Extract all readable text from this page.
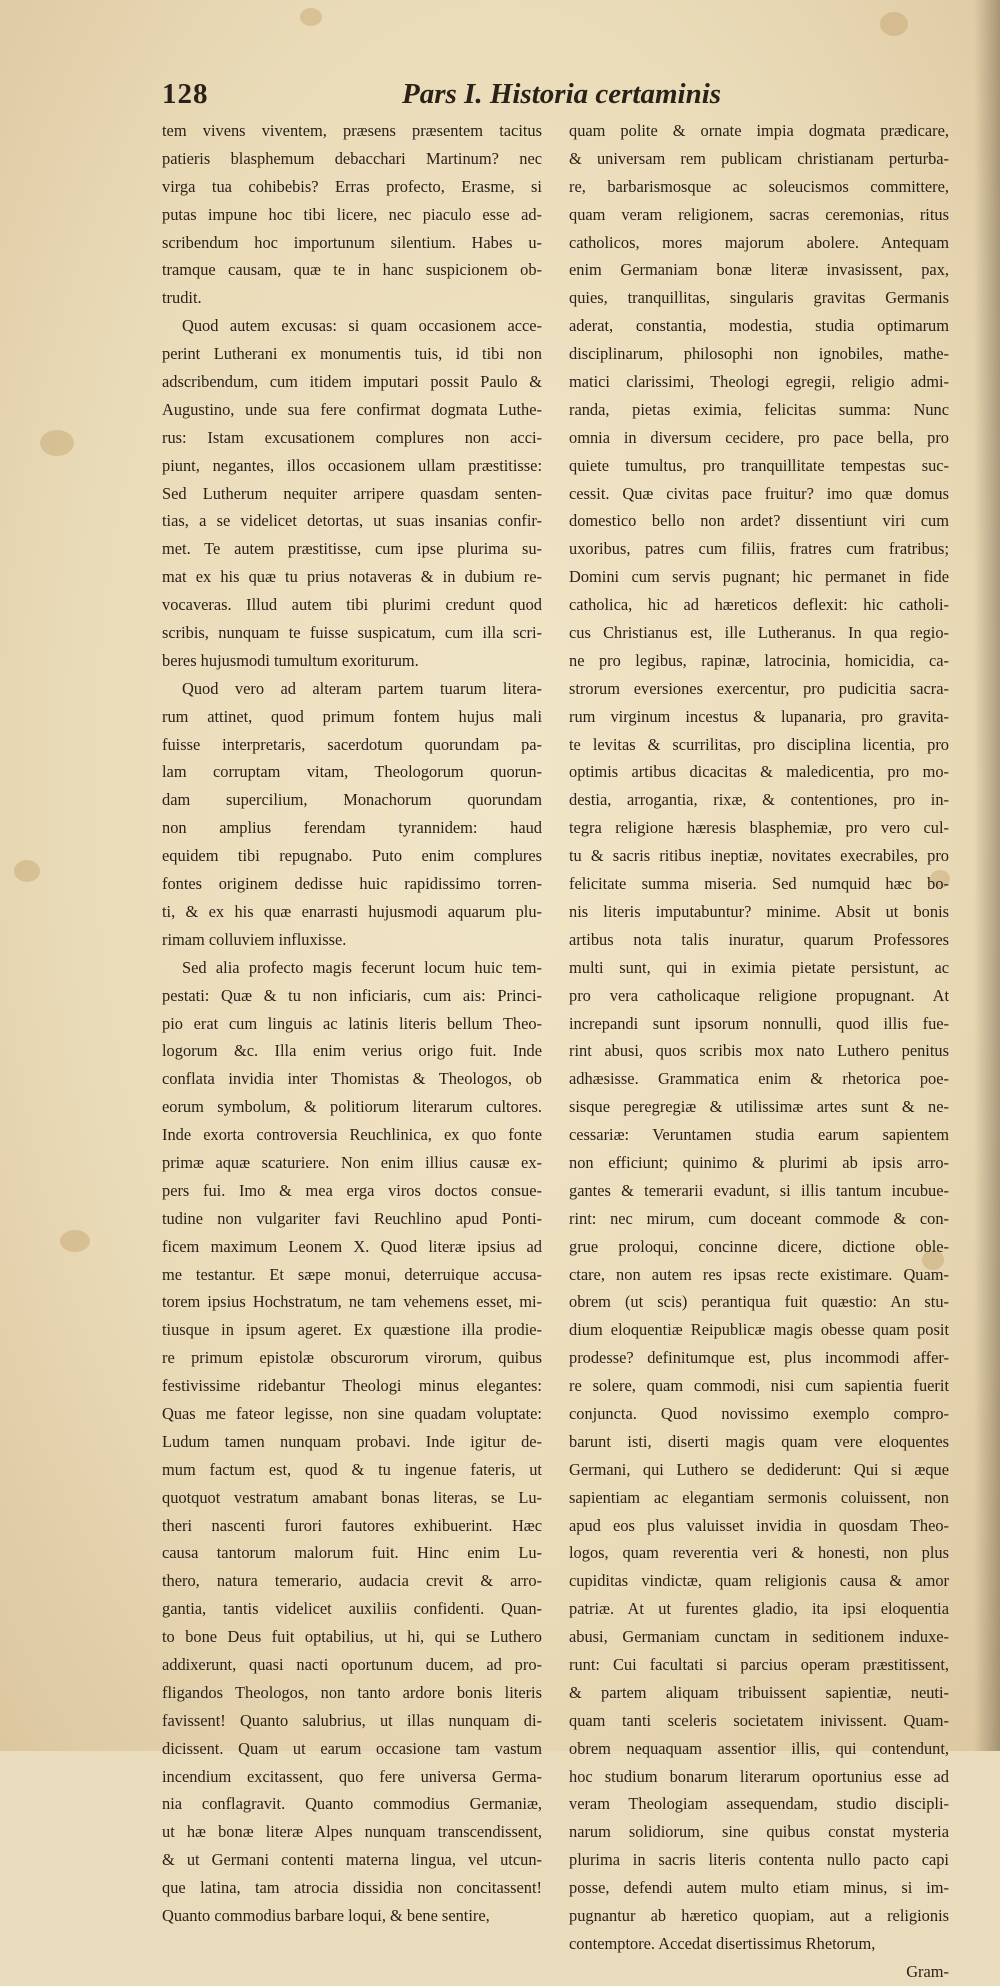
128	Pars I. Historia certaminis
tem vivens viventem, præsens præsentem tacitus
patieris blasphemum debacchari Martinum? nec
virga tua cohibebis? Erras profecto, Erasme, si
putas impune hoc tibi licere, nec piaculo esse ad-
scribendum hoc importunum silentium. Habes u-
tramque causam, quæ te in hanc suspicionem ob-
trudit.
Quod autem excusas: si quam occasionem acce-
perint Lutherani ex monumentis tuis, id tibi non
adscribendum, cum itidem imputari possit Paulo &
Augustino, unde sua fere confirmat dogmata Luthe-
rus: Istam excusationem complures non acci-
piunt, negantes, illos occasionem ullam præstitisse:
Sed Lutherum nequiter arripere quasdam senten-
tias, a se videlicet detortas, ut suas insanias confir-
met. Te autem præstitisse, cum ipse plurima su-
mat ex his quæ tu prius notaveras & in dubium re-
vocaveras. Illud autem tibi plurimi credunt quod
scribis, nunquam te fuisse suspicatum, cum illa scri-
beres hujusmodi tumultum exoriturum.
Quod vero ad alteram partem tuarum litera-
rum attinet, quod primum fontem hujus mali
fuisse interpretaris, sacerdotum quorundam pa-
lam corruptam vitam, Theologorum quorun-
dam supercilium, Monachorum quorundam
non amplius ferendam tyrannidem: haud
equidem tibi repugnabo. Puto enim complures
fontes originem dedisse huic rapidissimo torren-
ti, & ex his quæ enarrasti hujusmodi aquarum plu-
rimam colluviem influxisse.
Sed alia profecto magis fecerunt locum huic tem-
pestati: Quæ & tu non inficiaris, cum ais: Princi-
pio erat cum linguis ac latinis literis bellum Theo-
logorum &c. Illa enim verius origo fuit. Inde
conflata invidia inter Thomistas & Theologos, ob
eorum symbolum, & politiorum literarum cultores.
Inde exorta controversia Reuchlinica, ex quo fonte
primæ aquæ scaturiere. Non enim illius causæ ex-
pers fui. Imo & mea erga viros doctos consue-
tudine non vulgariter favi Reuchlino apud Ponti-
ficem maximum Leonem X. Quod literæ ipsius ad
me testantur. Et sæpe monui, deterruique accusa-
torem ipsius Hochstratum, ne tam vehemens esset, mi-
tiusque in ipsum ageret. Ex quæstione illa prodie-
re primum epistolæ obscurorum virorum, quibus
festivissime ridebantur Theologi minus elegantes:
Quas me fateor legisse, non sine quadam voluptate:
Ludum tamen nunquam probavi. Inde igitur de-
mum factum est, quod & tu ingenue fateris, ut
quotquot vestratum amabant bonas literas, se Lu-
theri nascenti furori fautores exhibuerint. Hæc
causa tantorum malorum fuit. Hinc enim Lu-
thero, natura temerario, audacia crevit & arro-
gantia, tantis videlicet auxiliis confidenti. Quan-
to bone Deus fuit optabilius, ut hi, qui se Luthero
addixerunt, quasi nacti oportunum ducem, ad pro-
fligandos Theologos, non tanto ardore bonis literis
favissent! Quanto salubrius, ut illas nunquam di-
dicissent. Quam ut earum occasione tam vastum
incendium excitassent, quo fere universa Germa-
nia conflagravit. Quanto commodius Germaniæ,
ut hæ bonæ literæ Alpes nunquam transcendissent,
& ut Germani contenti materna lingua, vel utcun-
que latina, tam atrocia dissidia non concitassent!
Quanto commodius barbare loqui, & bene sentire,
quam polite & ornate impia dogmata prædicare,
& universam rem publicam christianam perturba-
re, barbarismosque ac soleucismos committere,
quam veram religionem, sacras ceremonias, ritus
catholicos, mores majorum abolere. Antequam
enim Germaniam bonæ literæ invasissent, pax,
quies, tranquillitas, singularis gravitas Germanis
aderat, constantia, modestia, studia optimarum
disciplinarum, philosophi non ignobiles, mathe-
matici clarissimi, Theologi egregii, religio admi-
randa, pietas eximia, felicitas summa: Nunc
omnia in diversum cecidere, pro pace bella, pro
quiete tumultus, pro tranquillitate tempestas suc-
cessit. Quæ civitas pace fruitur? imo quæ domus
domestico bello non ardet? dissentiunt viri cum
uxoribus, patres cum filiis, fratres cum fratribus;
Domini cum servis pugnant; hic permanet in fide
catholica, hic ad hæreticos deflexit: hic catholi-
cus Christianus est, ille Lutheranus. In qua regio-
ne pro legibus, rapinæ, latrocinia, homicidia, ca-
strorum eversiones exercentur, pro pudicitia sacra-
rum virginum incestus & lupanaria, pro gravita-
te levitas & scurrilitas, pro disciplina licentia, pro
optimis artibus dicacitas & maledicentia, pro mo-
destia, arrogantia, rixæ, & contentiones, pro in-
tegra religione hæresis blasphemiæ, pro vero cul-
tu & sacris ritibus ineptiæ, novitates execrabiles, pro
felicitate summa miseria. Sed numquid hæc bo-
nis literis imputabuntur? minime. Absit ut bonis
artibus nota talis inuratur, quarum Professores
multi sunt, qui in eximia pietate persistunt, ac
pro vera catholicaque religione propugnant. At
increpandi sunt ipsorum nonnulli, quod illis fue-
rint abusi, quos scribis mox nato Luthero penitus
adhæsisse. Grammatica enim & rhetorica poe-
sisque peregregiæ & utilissimæ artes sunt & ne-
cessariæ: Veruntamen studia earum sapientem
non efficiunt; quinimo & plurimi ab ipsis arro-
gantes & temerarii evadunt, si illis tantum incubue-
rint: nec mirum, cum doceant commode & con-
grue proloqui, concinne dicere, dictione oble-
ctare, non autem res ipsas recte existimare. Quam-
obrem (ut scis) perantiqua fuit quæstio: An stu-
dium eloquentiæ Reipublicæ magis obesse quam posit
prodesse? definitumque est, plus incommodi affer-
re solere, quam commodi, nisi cum sapientia fuerit
conjuncta. Quod novissimo exemplo compro-
barunt isti, diserti magis quam vere eloquentes
Germani, qui Luthero se dediderunt: Qui si æque
sapientiam ac elegantiam sermonis coluissent, non
apud eos plus valuisset invidia in quosdam Theo-
logos, quam reverentia veri & honesti, non plus
cupiditas vindictæ, quam religionis causa & amor
patriæ. At ut furentes gladio, ita ipsi eloquentia
abusi, Germaniam cunctam in seditionem induxe-
runt: Cui facultati si parcius operam præstitissent,
& partem aliquam tribuissent sapientiæ, neuti-
quam tanti sceleris societatem inivissent. Quam-
obrem nequaquam assentior illis, qui contendunt,
hoc studium bonarum literarum oportunius esse ad
veram Theologiam assequendam, studio discipli-
narum solidiorum, sine quibus constat mysteria
plurima in sacris literis contenta nullo pacto capi
posse, defendi autem multo etiam minus, si im-
pugnantur ab hæretico quopiam, aut a religionis
contemptore. Accedat disertissimus Rhetorum,
Gram-
